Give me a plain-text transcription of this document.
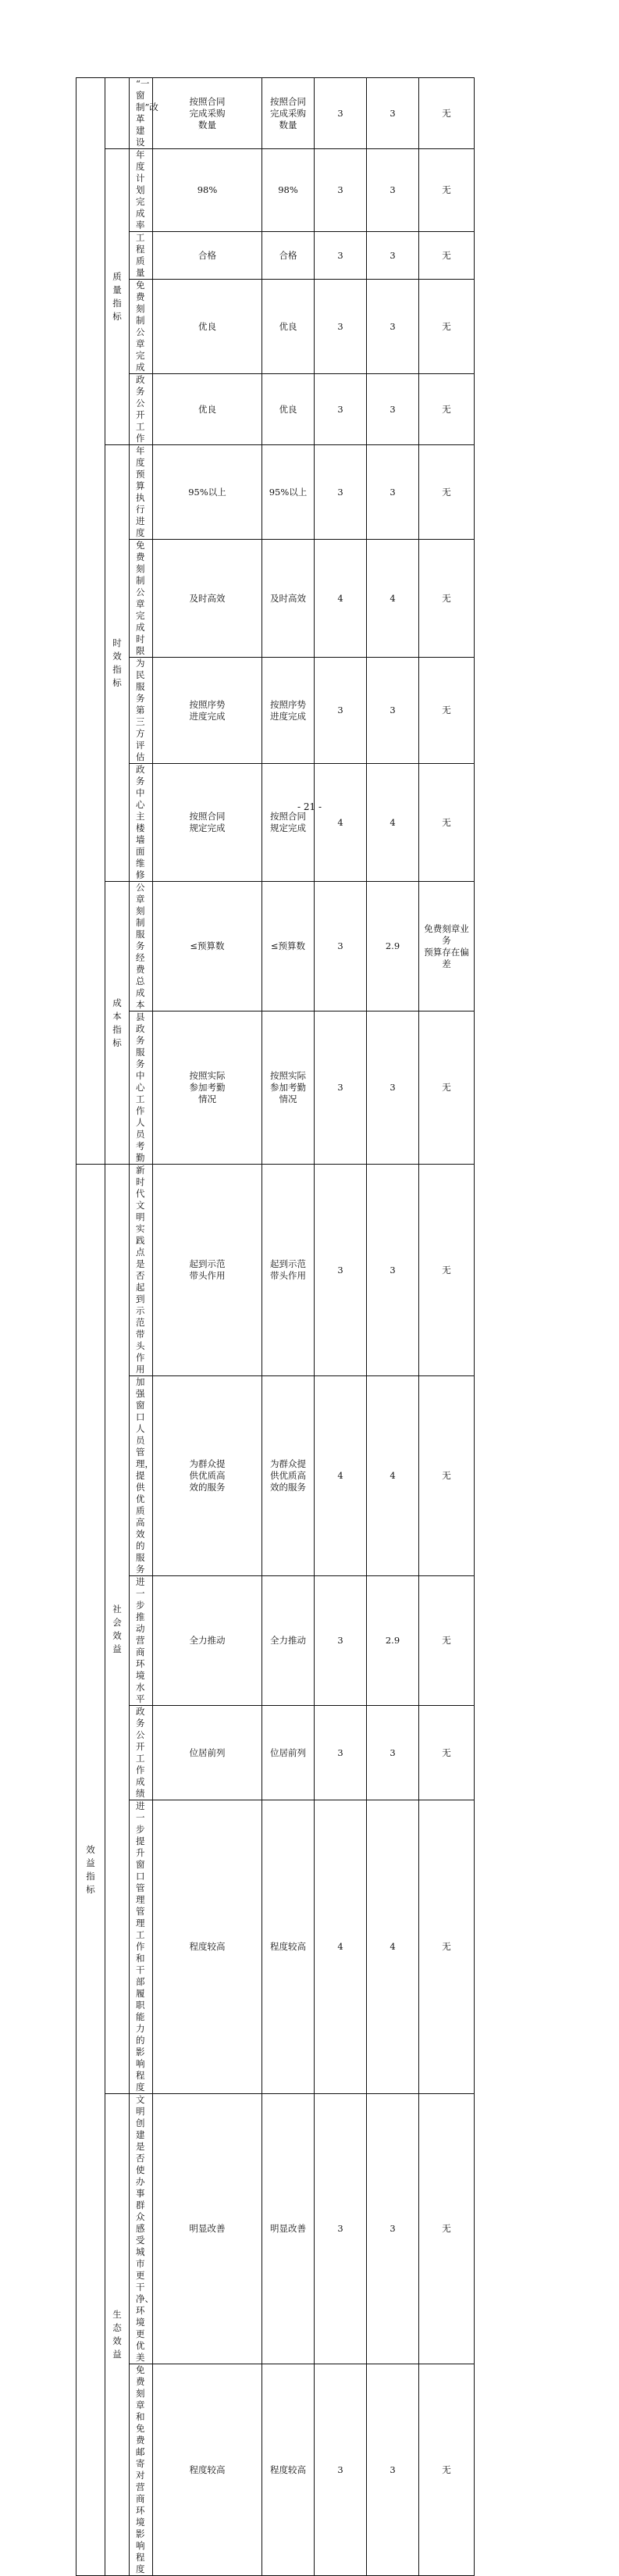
		“一窗制”改革建设	按照合同
完成采购
数量	按照合同
完成采购
数量	3	3	无
	质量指标	年度计划完成率	98%	98%	3	3	无
		工程质量	合格	合格	3	3	无
		免费刻制公章完成	优良	优良	3	3	无
		政务公开工作	优良	优良	3	3	无
	时效指标	年度预算执行进度	95%以上	95%以上	3	3	无
		免费刻制公章完成时限	及时高效	及时高效	4	4	无
		为民服务第三方评估	按照序势
进度完成	按照序势
进度完成	3	3	无
		政务中心主楼墙面维修	按照合同
规定完成	按照合同
规定完成	4	4	无
	成本指标	公章刻制服务经费总成
本	≤预算数	≤预算数	3	2.9	免费刻章业务
预算存在偏差

		县政务服务中心工作人
员考勤	按照实际
参加考勤
情况	按照实际
参加考勤
情况	3	3	无
效益指标	社会效益	新时代文明实践点是否
起到示范带头作用	起到示范
带头作用	起到示范
带头作用	3	3	无

		加强窗口人员管理，提
供优质高效的服务	为群众提
供优质高
效的服务	为群众提
供优质高
效的服务	4	4	无

		进一步推动营商环境水
平	全力推动	全力推动	3	2.9	无
		政务公开工作成绩	位居前列	位居前列	3	3	无

		进一步提升窗口管理管
理工作和干部履职能力
的影响程度	程度较高	程度较高	4	4	无
	生态效益	文明创建是否使办事群
众感受城市更干净、环
境更优美	明显改善	明显改善	3	3	无

		免费刻章和免费邮寄对
营商环境影响程度	程度较高	程度较高	3	3	无
- 21 -
